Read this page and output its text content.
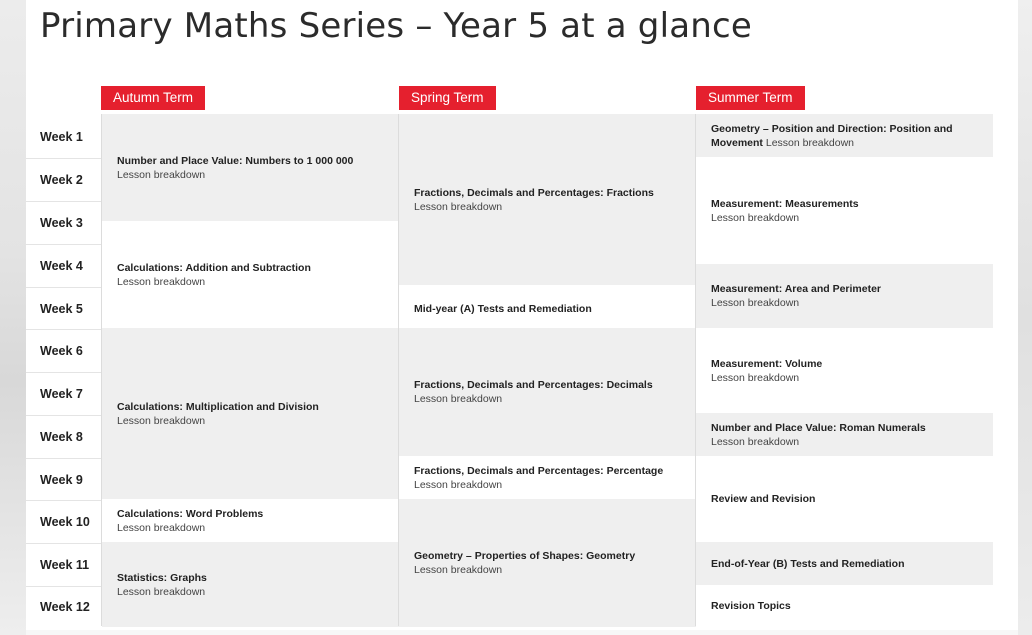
Primary Maths Series – Year 5 at a glance
Autumn Term	Spring Term	Summer Term
Week 1
Week 2
Week 3
Week 4
Week 5
Week 6
Week 7
Week 8
Week 9
Week 10
Week 11
Week 12
Number and Place Value: Numbers to 1 000 000
Lesson breakdown
Calculations: Addition and Subtraction
Lesson breakdown
Calculations: Multiplication and Division
Lesson breakdown
Calculations: Word Problems
Lesson breakdown
Statistics: Graphs
Lesson breakdown
Fractions, Decimals and Percentages: Fractions
Lesson breakdown
Mid-year (A) Tests and Remediation
Fractions, Decimals and Percentages: Decimals
Lesson breakdown
Fractions, Decimals and Percentages: Percentage
Lesson breakdown
Geometry – Properties of Shapes: Geometry
Lesson breakdown
Geometry – Position and Direction: Position and Movement Lesson breakdown
Measurement: Measurements
Lesson breakdown
Measurement: Area and Perimeter
Lesson breakdown
Measurement: Volume
Lesson breakdown
Number and Place Value: Roman Numerals
Lesson breakdown
Review and Revision
End-of-Year (B) Tests and Remediation
Revision Topics
